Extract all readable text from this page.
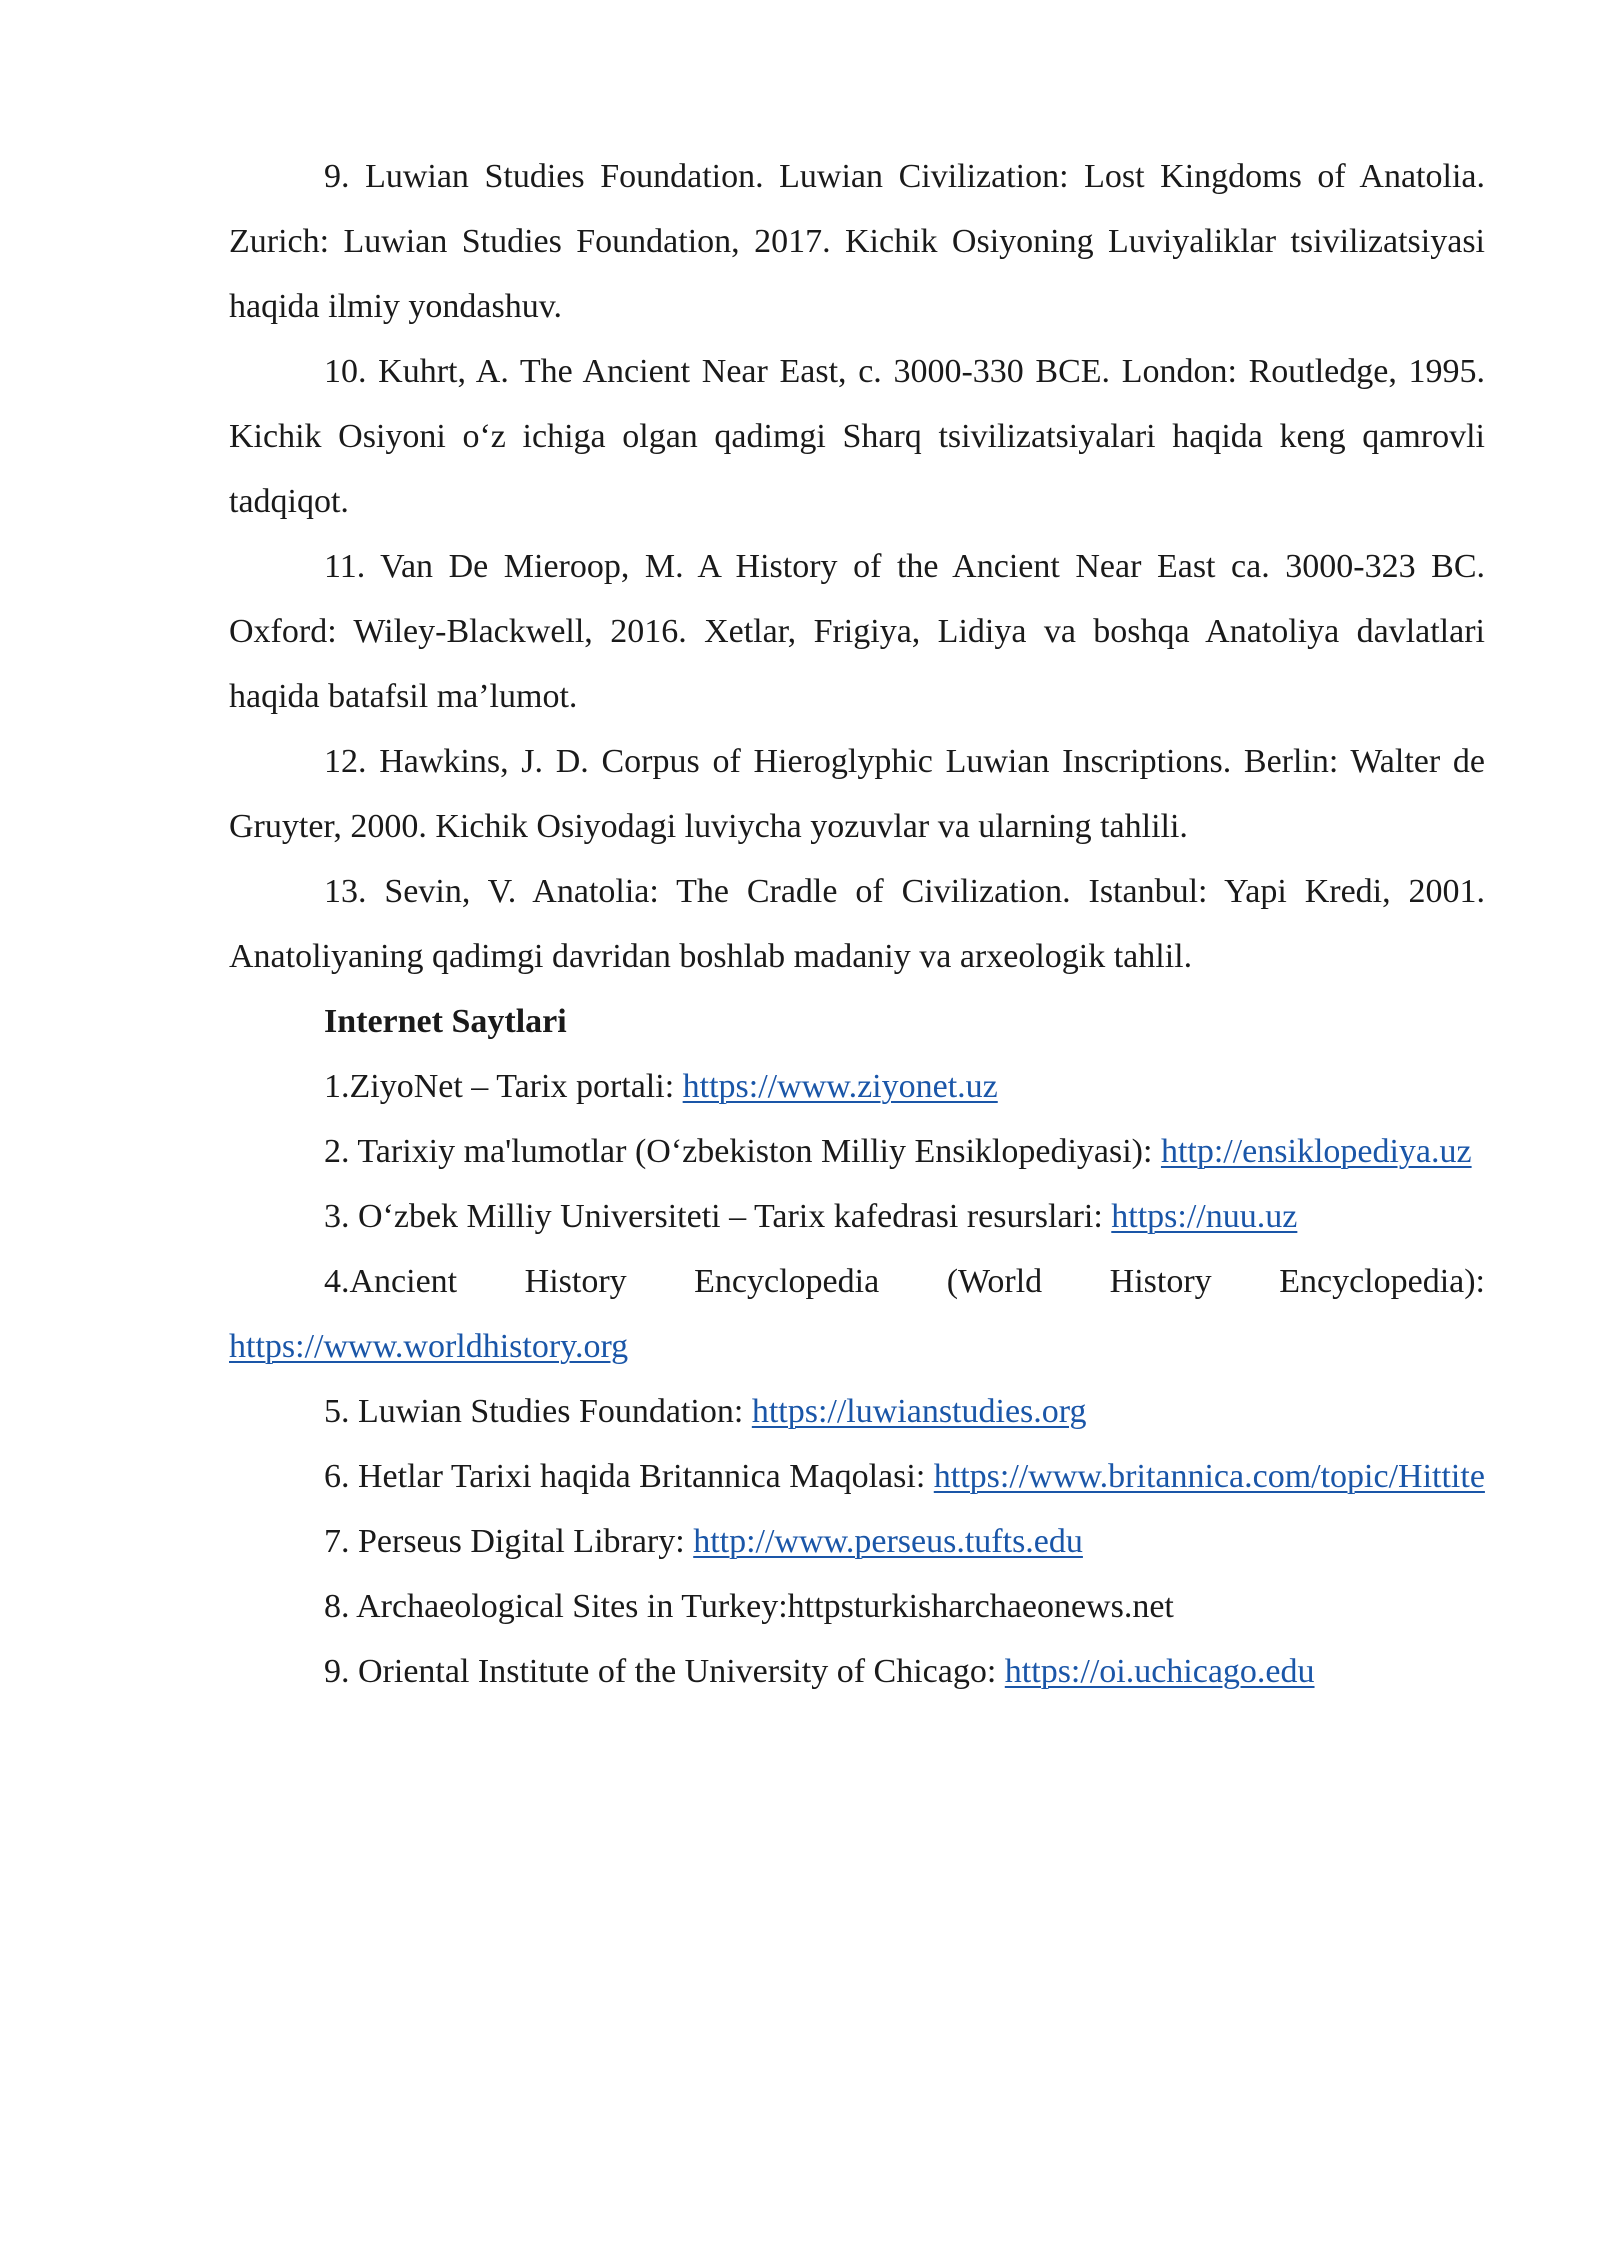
9. Luwian Studies Foundation. Luwian Civilization: Lost Kingdoms of Anatolia. Zurich: Luwian Studies Foundation, 2017. Kichik Osiyoning Luviyaliklar tsivilizatsiyasi haqida ilmiy yondashuv.

10. Kuhrt, A. The Ancient Near East, c. 3000-330 BCE. London: Routledge, 1995. Kichik Osiyoni o‘z ichiga olgan qadimgi Sharq tsivilizatsiyalari haqida keng qamrovli tadqiqot.

11. Van De Mieroop, M. A History of the Ancient Near East ca. 3000-323 BC. Oxford: Wiley-Blackwell, 2016. Xetlar, Frigiya, Lidiya va boshqa Anatoliya davlatlari haqida batafsil ma’lumot.

12. Hawkins, J. D. Corpus of Hieroglyphic Luwian Inscriptions. Berlin: Walter de Gruyter, 2000. Kichik Osiyodagi luviycha yozuvlar va ularning tahlili.

13. Sevin, V. Anatolia: The Cradle of Civilization. Istanbul: Yapi Kredi, 2001. Anatoliyaning qadimgi davridan boshlab madaniy va arxeologik tahlil.

Internet Saytlari

1.ZiyoNet – Tarix portali: https://www.ziyonet.uz

2. Tarixiy ma'lumotlar (O‘zbekiston Milliy Ensiklopediyasi): http://ensiklopediya.uz

3. O‘zbek Milliy Universiteti – Tarix kafedrasi resurslari: https://nuu.uz

4.Ancient History Encyclopedia (World History Encyclopedia): https://www.worldhistory.org

5. Luwian Studies Foundation: https://luwianstudies.org

6. Hetlar Tarixi haqida Britannica Maqolasi: https://www.britannica.com/topic/Hittite

7. Perseus Digital Library: http://www.perseus.tufts.edu

8. Archaeological Sites in Turkey:httpsturkisharchaeonews.net

9. Oriental Institute of the University of Chicago: https://oi.uchicago.edu
